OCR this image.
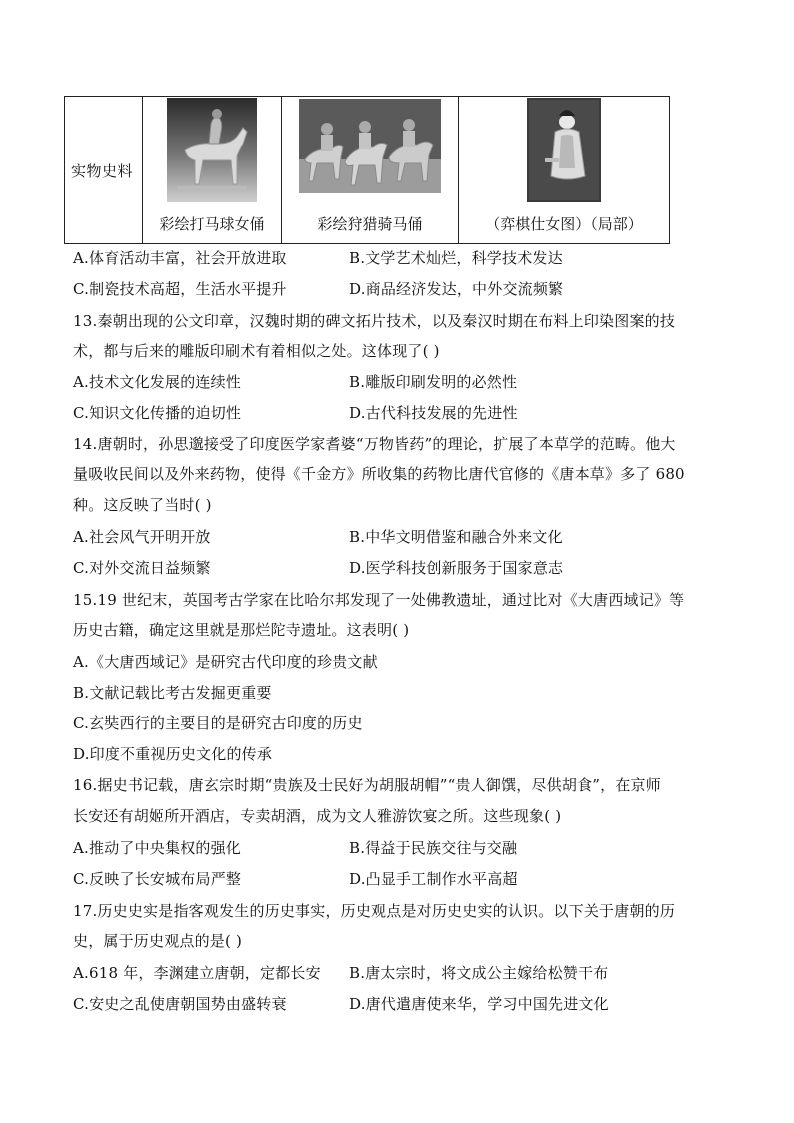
实物史料

彩绘打马球女俑	彩绘狩猎骑马俑	（弈棋仕女图）（局部）
A.体育活动丰富，社会开放进取	B.文学艺术灿烂，科学技术发达
C.制瓷技术高超，生活水平提升	D.商品经济发达，中外交流频繁
13.秦朝出现的公文印章，汉魏时期的碑文拓片技术，以及秦汉时期在布料上印染图案的技
术，都与后来的雕版印刷术有着相似之处。这体现了( )
A.技术文化发展的连续性	B.雕版印刷发明的必然性
C.知识文化传播的迫切性	D.古代科技发展的先进性
14.唐朝时，孙思邈接受了印度医学家耆婆“万物皆药”的理论，扩展了本草学的范畴。他大
量吸收民间以及外来药物，使得《千金方》所收集的药物比唐代官修的《唐本草》多了 680
种。这反映了当时( )
A.社会风气开明开放	B.中华文明借鉴和融合外来文化
C.对外交流日益频繁	D.医学科技创新服务于国家意志
15.19 世纪末，英国考古学家在比哈尔邦发现了一处佛教遗址，通过比对《大唐西域记》等
历史古籍，确定这里就是那烂陀寺遗址。这表明( )
A.《大唐西域记》是研究古代印度的珍贵文献
B.文献记载比考古发掘更重要
C.玄奘西行的主要目的是研究古印度的历史
D.印度不重视历史文化的传承
16.据史书记载，唐玄宗时期“贵族及士民好为胡服胡帽”“贵人御馔，尽供胡食”，在京师
长安还有胡姬所开酒店，专卖胡酒，成为文人雅游饮宴之所。这些现象( )
A.推动了中央集权的强化	B.得益于民族交往与交融
C.反映了长安城布局严整	D.凸显手工制作水平高超
17.历史史实是指客观发生的历史事实，历史观点是对历史史实的认识。以下关于唐朝的历
史，属于历史观点的是( )
A.618 年，李渊建立唐朝，定都长安 B.唐太宗时，将文成公主嫁给松赞干布
C.安史之乱使唐朝国势由盛转衰	D.唐代遣唐使来华，学习中国先进文化
